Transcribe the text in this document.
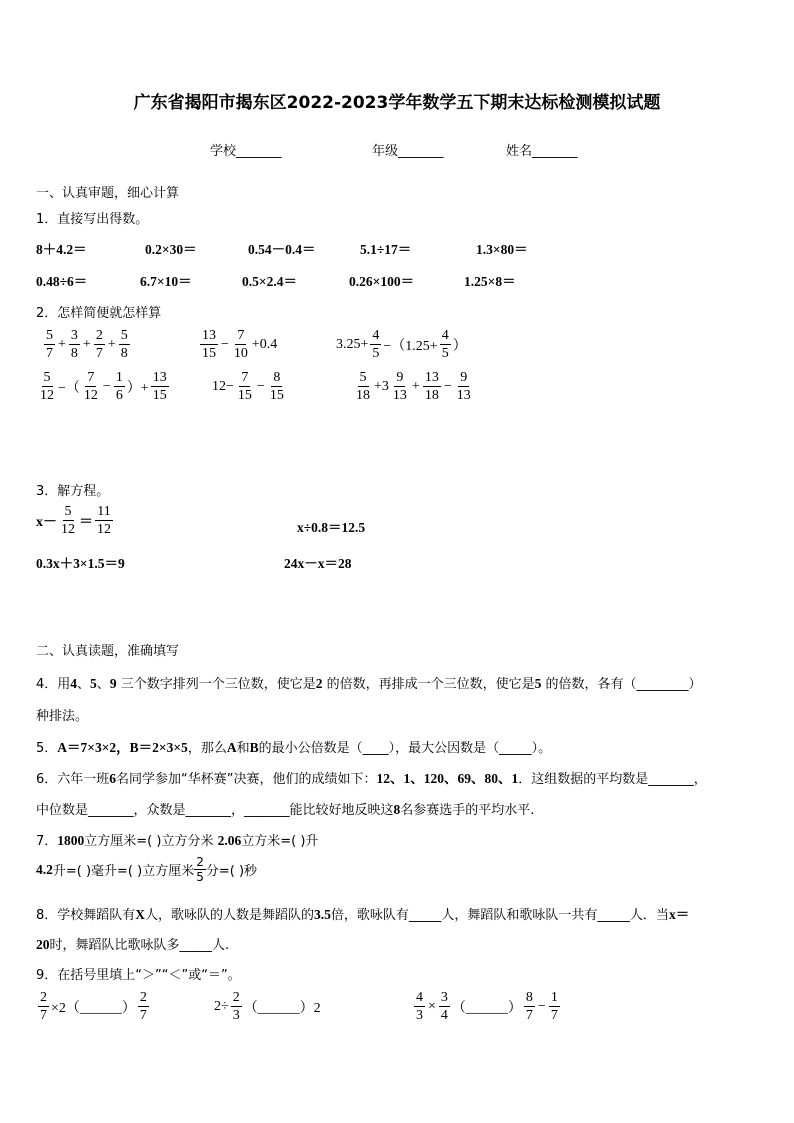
广东省揭阳市揭东区2022-2023学年数学五下期末达标检测模拟试题
学校_______	年级_______	姓名_______
一、认真审题，细心计算
1．直接写出得数。
8＋4.2＝	0.2×30＝	0.54－0.4＝	5.1÷17＝	1.3×80＝
0.48÷6＝	6.7×10＝	0.5×2.4＝	0.26×100＝	1.25×8＝
2．怎样简便就怎样算
$\frac{5}{7} + \frac{3}{8} + \frac{2}{7} + \frac{5}{8}$	$\frac{13}{15} - \frac{7}{10} +0.4$	$3.25+ \frac{4}{5} -(1.25+ \frac{4}{5}$ ）
$\frac{5}{12}$ −（ $\frac{7}{12} - \frac{1}{6}$ ）+ $\frac{13}{15}$	$12- \frac{7}{15} - \frac{8}{15}$	$\frac{5}{18} +3 \frac{9}{13} + \frac{13}{18} - \frac{9}{13}$
3．解方程。
$x- \frac{5}{12} = \frac{11}{12}$	x÷0.8＝12.5
0.3x＋3×1.5＝9	24x－x＝28
二、认真读题，准确填写
4．用4、5、9 三个数字排列一个三位数，使它是2 的倍数，再排成一个三位数，使它是5 的倍数，各有（________）
种排法。
5．A＝7×3×2，B＝2×3×5，那么A和B的最小公倍数是（____），最大公因数是（_____）。
6．六年一班6名同学参加“华杯赛”决赛，他们的成绩如下：12、1、120、69、80、1．这组数据的平均数是_______，
中位数是_______，众数是_______，_______能比较好地反映这8名参赛选手的平均水平.
7．1800立方厘米=( )立方分米 2.06立方米=( )升
4.2 升=( )毫升=( )立方厘米 $\frac{2}{5}$ 分=( )秒
8．学校舞蹈队有X人，歌咏队的人数是舞蹈队的3.5倍，歌咏队有_____人，舞蹈队和歌咏队一共有_____人．当x＝
20时，舞蹈队比歌咏队多_____人.
9．在括号里填上“＞”“＜”或“＝”。
$\frac{2}{7}$ ×2（______） $\frac{2}{7}$	$2\div \frac{2}{3}$ （______）2	$\frac{4}{3} \times \frac{3}{4}$ （______） $\frac{8}{7} - \frac{1}{7}$
